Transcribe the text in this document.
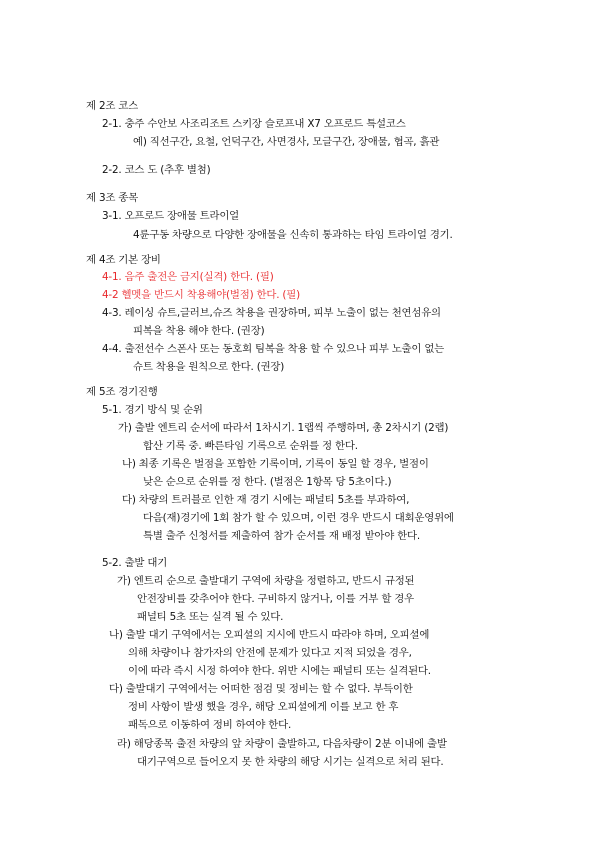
제 2조 코스
2-1. 충주 수안보 사조리조트 스키장 슬로프내 X7 오프로드 특설코스
예) 직선구간, 요철, 언덕구간, 사면경사, 모글구간, 장애물, 협곡, 흙관
2-2. 코스 도 (추후 별첨)
제 3조 종목
3-1. 오프로드 장애물 트라이얼
4륜구동 차량으로 다양한 장애물을 신속히 통과하는 타임 트라이얼 경기.
제 4조 기본 장비
4-1. 음주 출전은 금지(실격) 한다. (필)
4-2 헬멧을 반드시 착용해야(벌점) 한다. (필)
4-3. 레이싱 슈트,글러브,슈즈 착용을 권장하며, 피부 노출이 없는 천연섬유의
피복을 착용 해야 한다. (권장)
4-4. 출전선수 스폰사 또는 동호회 팀복을 착용 할 수 있으나 피부 노출이 없는
슈트 착용을 원칙으로 한다. (권장)
제 5조 경기진행
5-1. 경기 방식 및 순위
가) 출발 엔트리 순서에 따라서 1차시기. 1랩씩 주행하며, 총 2차시기 (2랩)
합산 기록 중. 빠른타임 기록으로 순위를 정 한다.
나) 최종 기록은 벌점을 포함한 기록이며, 기록이 동일 할 경우, 벌점이
낮은 순으로 순위를 정 한다. (벌점은 1항목 당 5초이다.)
다) 차량의 트러블로 인한 재 경기 시에는 패널티 5초를 부과하여,
다음(재)경기에 1회 참가 할 수 있으며, 이런 경우 반드시 대회운영위에
특별 출주 신청서를 제출하여 참가 순서를 재 배정 받아야 한다.
5-2. 출발 대기
가) 엔트리 순으로 출발대기 구역에 차량을 정렬하고, 반드시 규정된
안전장비를 갖추어야 한다. 구비하지 않거나, 이를 거부 할 경우
패널티 5초 또는 실격 될 수 있다.
나) 출발 대기 구역에서는 오피셜의 지시에 반드시 따라야 하며, 오피셜에
의해 차량이나 참가자의 안전에 문제가 있다고 지적 되었을 경우,
이에 따라 즉시 시정 하여야 한다. 위반 시에는 패널티 또는 실격된다.
다) 출발대기 구역에서는 어떠한 점검 및 정비는 할 수 없다. 부득이한
정비 사항이 발생 했을 경우, 해당 오피셜에게 이를 보고 한 후
패독으로 이동하여 정비 하여야 한다.
라) 해당종목 출전 차량의 앞 차량이 출발하고, 다음차량이 2분 이내에 출발
대기구역으로 들어오지 못 한 차량의 해당 시기는 실격으로 처리 된다.
